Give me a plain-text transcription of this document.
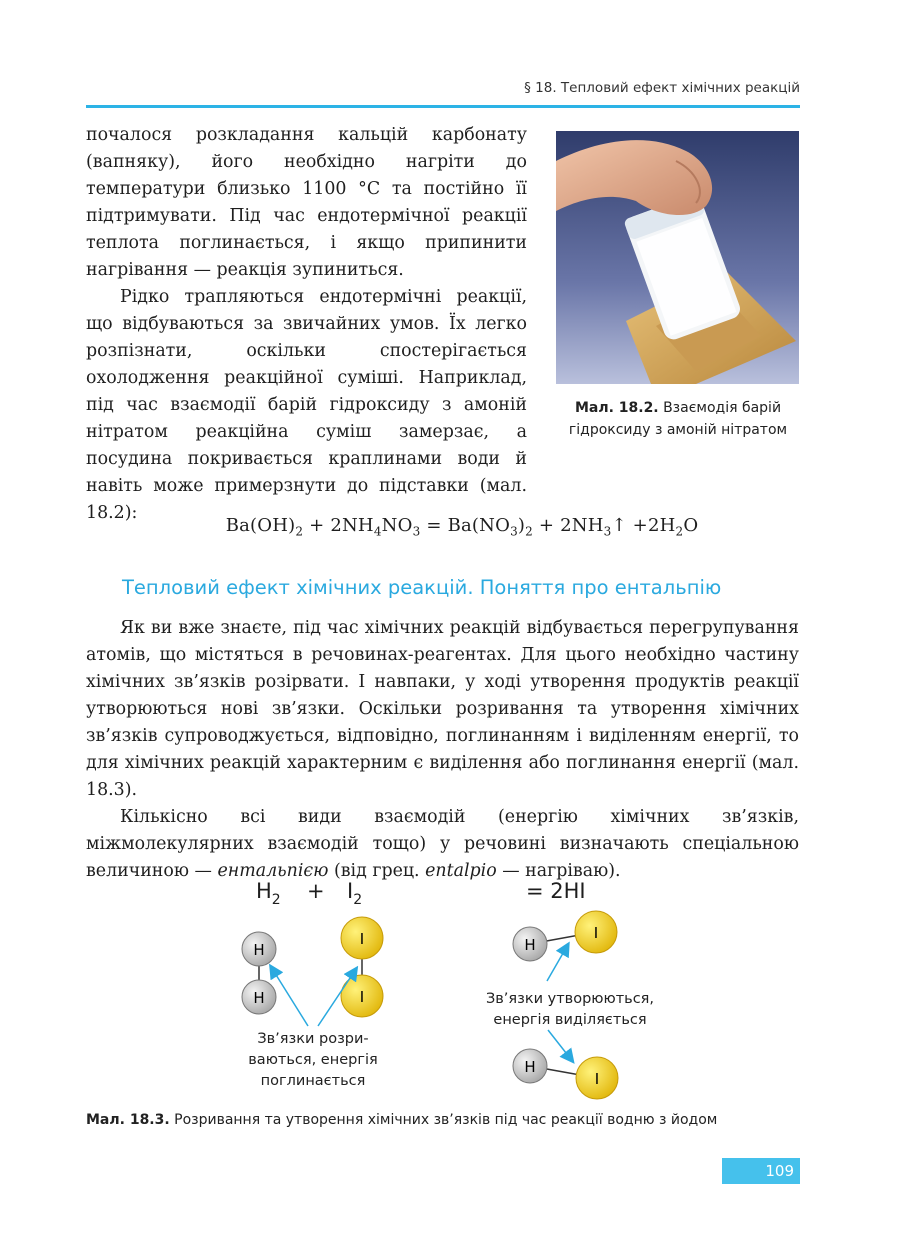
§ 18. Тепловий ефект хімічних реакцій

почалося розкладання кальцій карбонату (вапняку), його необхідно нагріти до температури близько 1100 °С та постійно її підтримувати. Під час ендотермічної реакції теплота поглинається, і якщо припинити нагрівання — реакція зупиниться.

Рідко трапляються ендотермічні реакції, що відбуваються за звичайних умов. Їх легко розпізнати, оскільки спостерігається охолодження реакційної суміші. Наприклад, під час взаємодії барій гідроксиду з амоній нітратом реакційна суміш замерзає, а посудина покривається краплинами води й навіть може примерзнути до підставки (мал. 18.2):

Мал. 18.2. Взаємодія барій гідроксиду з амоній нітратом
$Ba(OH)_2 + 2NH_4NO_3 = Ba(NO_3)_2$ + $2NH_3↑ +2H_2O$
Тепловий ефект хімічних реакцій. Поняття про ентальпію

Як ви вже знаєте, під час хімічних реакцій відбувається перегрупування атомів, що містяться в речовинах-реагентах. Для цього необхідно частину хімічних зв’язків розірвати. І навпаки, у ході утворення продуктів реакції утворюються нові зв’язки. Оскільки розривання та утворення хімічних зв’язків супроводжується, відповідно, поглинанням і виділенням енергії, то для хімічних реакцій характерним є виділення або поглинання енергії (мал. 18.3).

Кількісно всі види взаємодій (енергію хімічних зв’язків, міжмолекулярних взаємодій тощо) у речовині визначають спеціальною величиною — ентальпією (від грец. entalpio — нагріваю).

$H_2 + I_2$	= 2HI
H
H
I
I
Зв’язки розри-
ваються, енергія
поглинається
H
I
Зв’язки утворюються,
енергія виділяється
H
I
Мал. 18.3. Розривання та утворення хімічних зв’язків під час реакції водню з йодом
109
